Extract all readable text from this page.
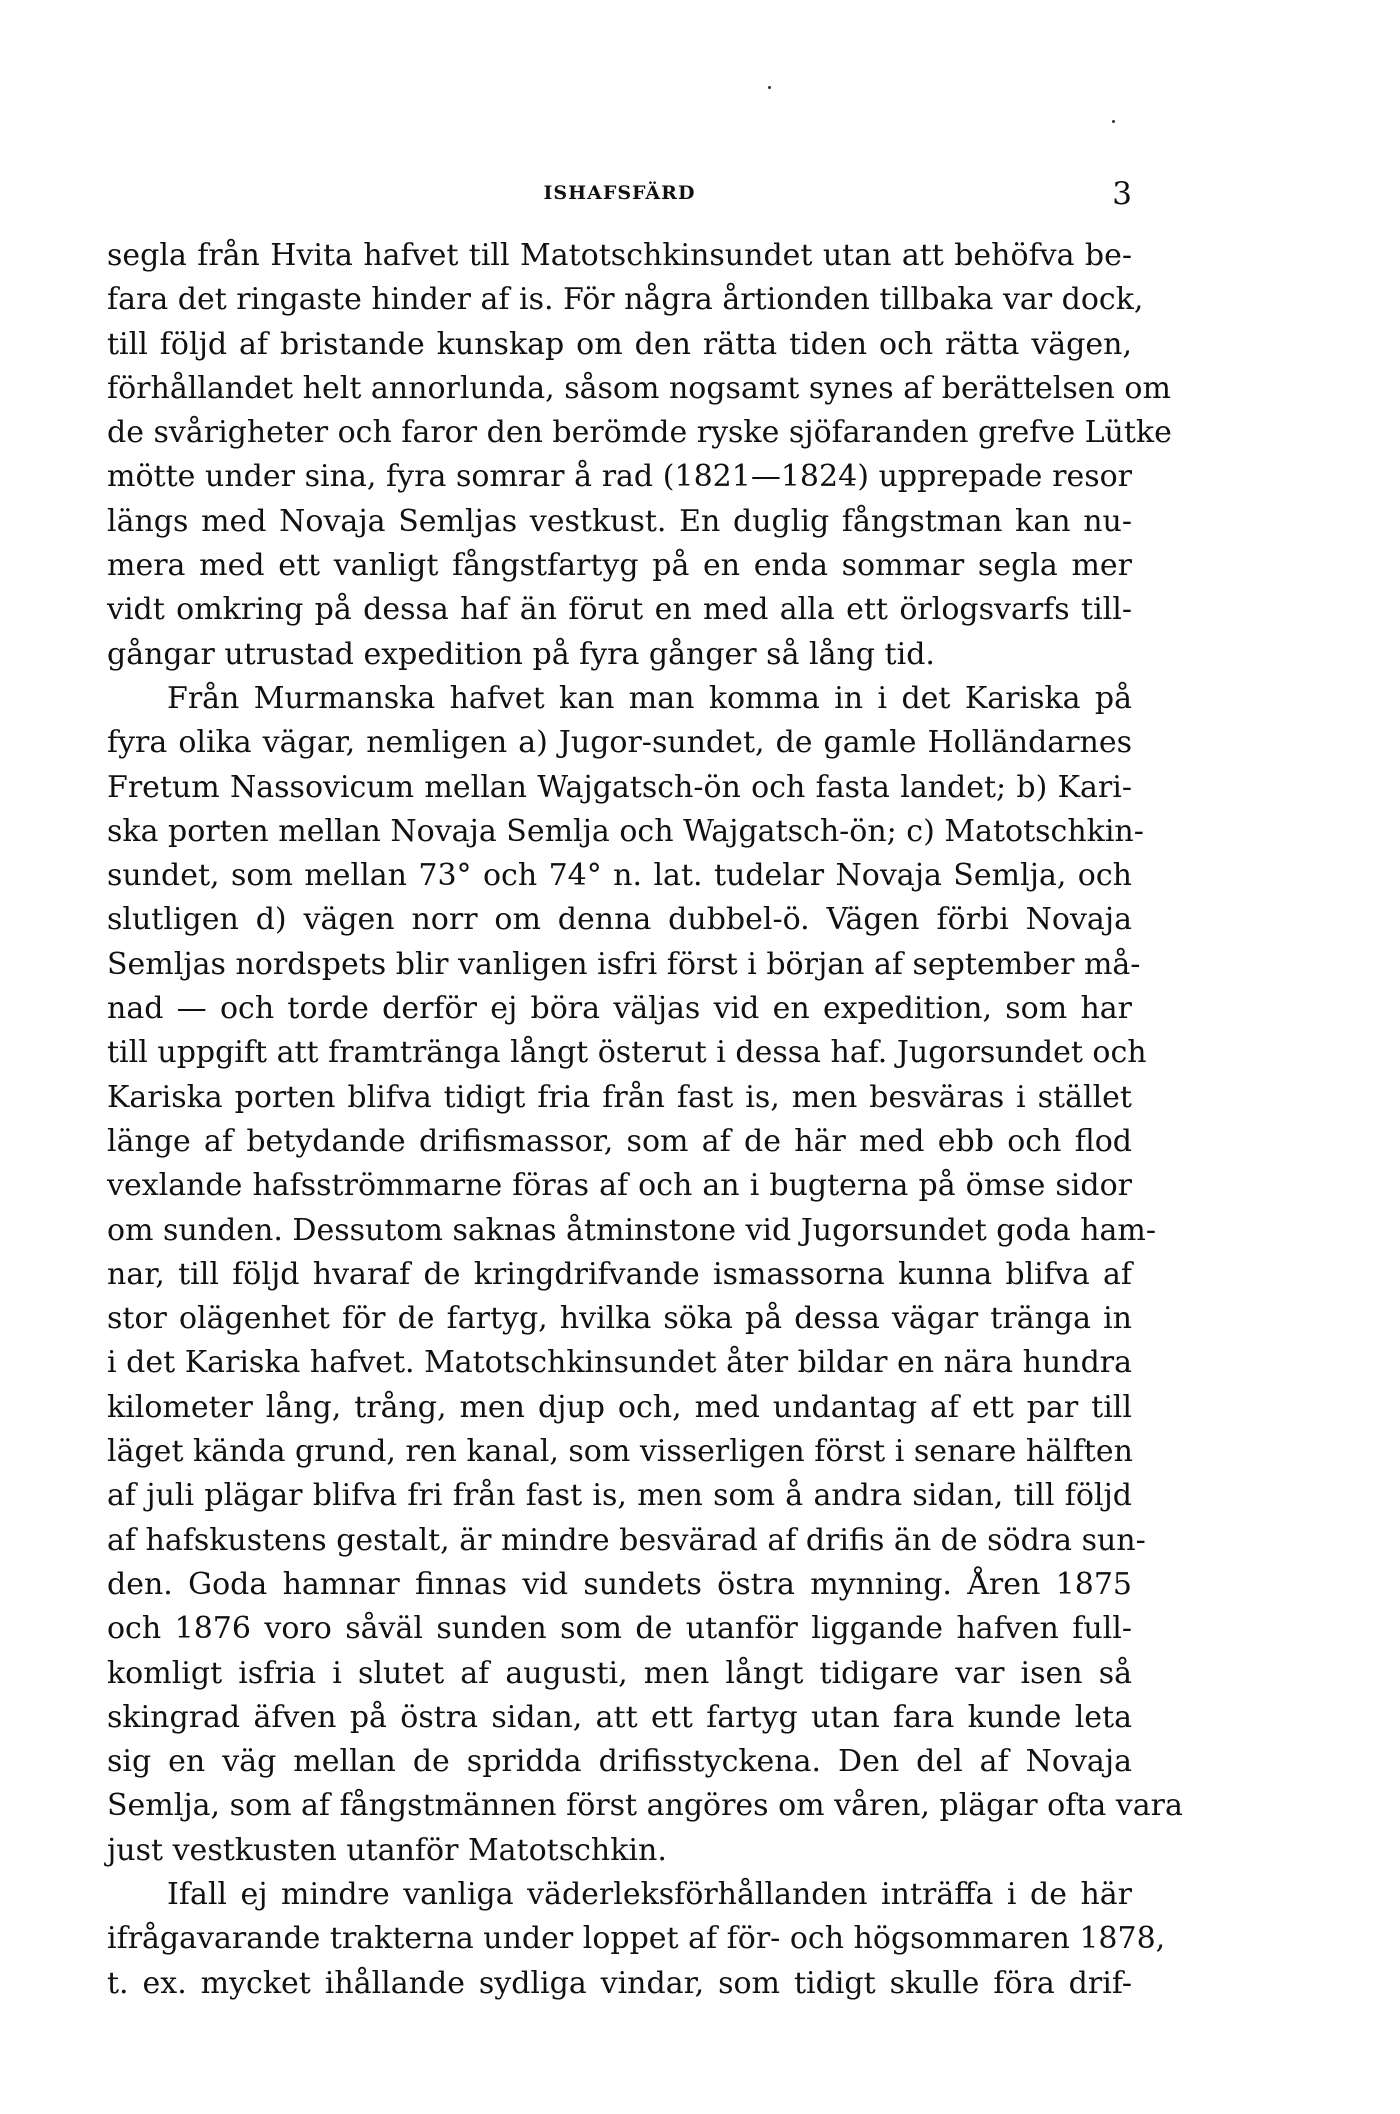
ISHAFSFÄRD	3
segla från Hvita hafvet till Matotschkinsundet utan att behöfva be-
fara det ringaste hinder af is. För några årtionden tillbaka var dock,
till följd af bristande kunskap om den rätta tiden och rätta vägen,
förhållandet helt annorlunda, såsom nogsamt synes af berättelsen om
de svårigheter och faror den berömde ryske sjöfaranden grefve Lütke
mötte under sina, fyra somrar å rad (1821—1824) upprepade resor
längs med Novaja Semljas vestkust. En duglig fångstman kan nu-
mera med ett vanligt fångstfartyg på en enda sommar segla mer
vidt omkring på dessa haf än förut en med alla ett örlogsvarfs till-
gångar utrustad expedition på fyra gånger så lång tid.
Från Murmanska hafvet kan man komma in i det Kariska på
fyra olika vägar, nemligen a) Jugor-sundet, de gamle Holländarnes
Fretum Nassovicum mellan Wajgatsch-ön och fasta landet; b) Kari-
ska porten mellan Novaja Semlja och Wajgatsch-ön; c) Matotschkin-
sundet, som mellan 73° och 74° n. lat. tudelar Novaja Semlja, och
slutligen d) vägen norr om denna dubbel-ö. Vägen förbi Novaja
Semljas nordspets blir vanligen isfri först i början af september må-
nad — och torde derför ej böra väljas vid en expedition, som har
till uppgift att framtränga långt österut i dessa haf. Jugorsundet och
Kariska porten blifva tidigt fria från fast is, men besväras i stället
länge af betydande drifismassor, som af de här med ebb och flod
vexlande hafsströmmarne föras af och an i bugterna på ömse sidor
om sunden. Dessutom saknas åtminstone vid Jugorsundet goda ham-
nar, till följd hvaraf de kringdrifvande ismassorna kunna blifva af
stor olägenhet för de fartyg, hvilka söka på dessa vägar tränga in
i det Kariska hafvet. Matotschkinsundet åter bildar en nära hundra
kilometer lång, trång, men djup och, med undantag af ett par till
läget kända grund, ren kanal, som visserligen först i senare hälften
af juli plägar blifva fri från fast is, men som å andra sidan, till följd
af hafskustens gestalt, är mindre besvärad af drifis än de södra sun-
den. Goda hamnar finnas vid sundets östra mynning. Åren 1875
och 1876 voro såväl sunden som de utanför liggande hafven full-
komligt isfria i slutet af augusti, men långt tidigare var isen så
skingrad äfven på östra sidan, att ett fartyg utan fara kunde leta
sig en väg mellan de spridda drifisstyckena. Den del af Novaja
Semlja, som af fångstmännen först angöres om våren, plägar ofta vara
just vestkusten utanför Matotschkin.
Ifall ej mindre vanliga väderleksförhållanden inträffa i de här
ifrågavarande trakterna under loppet af för- och högsommaren 1878,
t. ex. mycket ihållande sydliga vindar, som tidigt skulle föra drif-
